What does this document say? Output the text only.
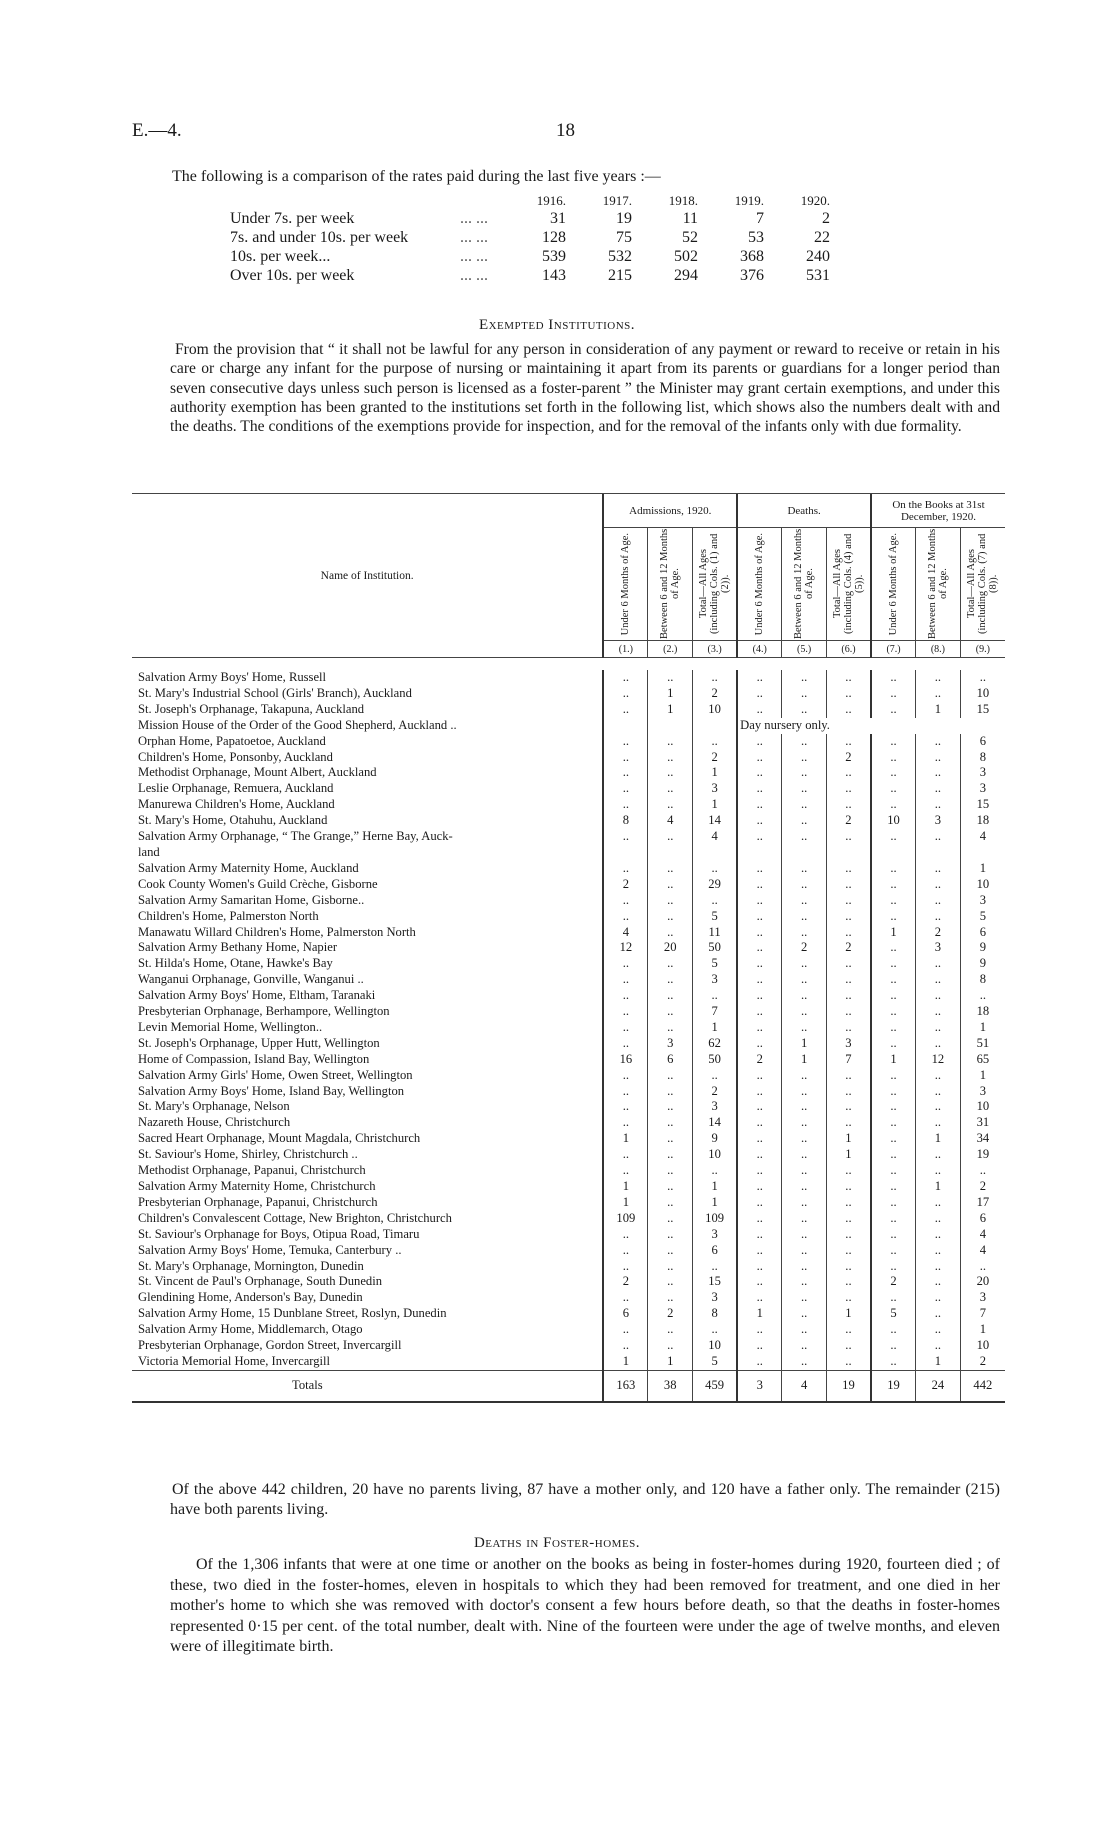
E.—4.	18
The following is a comparison of the rates paid during the last five years :—
		1916.	1917.	1918.	1919.	1920.
Under 7s. per week	... ...	31	19	11	7	2
7s. and under 10s. per week	... ...	128	75	52	53	22
10s. per week...	... ...	539	532	502	368	240
Over 10s. per week	... ...	143	215	294	376	531
Exempted Institutions.
From the provision that “ it shall not be lawful for any person in consideration of any payment or reward to receive or retain in his care or charge any infant for the purpose of nursing or maintaining it apart from its parents or guardians for a longer period than seven consecutive days unless such person is licensed as a foster-parent ” the Minister may grant certain exemptions, and under this authority exemption has been granted to the institutions set forth in the following list, which shows also the numbers dealt with and the deaths. The conditions of the exemptions provide for inspection, and for the removal of the infants only with due formality.
Name of Institution.	Admissions, 1920.			Deaths.			On the Books at 31st December, 1920.		

	Under 6 Months of Age.	Between 6 and 12 Months of Age.	Total—All Ages (including Cols. (1) and (2)).	Under 6 Months of Age.	Between 6 and 12 Months of Age.	Total—All Ages (including Cols. (4) and (5)).	Under 6 Months of Age.	Between 6 and 12 Months of Age.	Total—All Ages (including Cols. (7) and (8)).

	(1.)	(2.)	(3.)	(4.)	(5.)	(6.)	(7.)	(8.)	(9.)

Salvation Army Boys' Home, Russell	..	..	..	..	..	..	..	..	..
St. Mary's Industrial School (Girls' Branch), Auckland	..	1	2	..	..	..	..	..	10
St. Joseph's Orphanage, Takapuna, Auckland	..	1	10	..	..	..	..	1	15
Mission House of the Order of the Good Shepherd, Auckland ..				Day nursery only.					
Orphan Home, Papatoetoe, Auckland	..	..	..	..	..	..	..	..	6
Children's Home, Ponsonby, Auckland	..	..	2	..	..	2	..	..	8
Methodist Orphanage, Mount Albert, Auckland	..	..	1	..	..	..	..	..	3
Leslie Orphanage, Remuera, Auckland	..	..	3	..	..	..	..	..	3
Manurewa Children's Home, Auckland	..	..	1	..	..	..	..	..	15
St. Mary's Home, Otahuhu, Auckland	8	4	14	..	..	2	10	3	18
Salvation Army Orphanage, “ The Grange,” Herne Bay, Auck-	..	..	4	..	..	..	..	..	4
land									
Salvation Army Maternity Home, Auckland	..	..	..	..	..	..	..	..	1
Cook County Women's Guild Crèche, Gisborne	2	..	29	..	..	..	..	..	10
Salvation Army Samaritan Home, Gisborne..	..	..	..	..	..	..	..	..	3
Children's Home, Palmerston North	..	..	5	..	..	..	..	..	5
Manawatu Willard Children's Home, Palmerston North	4	..	11	..	..	..	1	2	6
Salvation Army Bethany Home, Napier	12	20	50	..	2	2	..	3	9
St. Hilda's Home, Otane, Hawke's Bay	..	..	5	..	..	..	..	..	9
Wanganui Orphanage, Gonville, Wanganui ..	..	..	3	..	..	..	..	..	8
Salvation Army Boys' Home, Eltham, Taranaki	..	..	..	..	..	..	..	..	..
Presbyterian Orphanage, Berhampore, Wellington	..	..	7	..	..	..	..	..	18
Levin Memorial Home, Wellington..	..	..	1	..	..	..	..	..	1
St. Joseph's Orphanage, Upper Hutt, Wellington	..	3	62	..	1	3	..	..	51
Home of Compassion, Island Bay, Wellington	16	6	50	2	1	7	1	12	65
Salvation Army Girls' Home, Owen Street, Wellington	..	..	..	..	..	..	..	..	1
Salvation Army Boys' Home, Island Bay, Wellington	..	..	2	..	..	..	..	..	3
St. Mary's Orphanage, Nelson	..	..	3	..	..	..	..	..	10
Nazareth House, Christchurch	..	..	14	..	..	..	..	..	31
Sacred Heart Orphanage, Mount Magdala, Christchurch	1	..	9	..	..	1	..	1	34
St. Saviour's Home, Shirley, Christchurch ..	..	..	10	..	..	1	..	..	19
Methodist Orphanage, Papanui, Christchurch	..	..	..	..	..	..	..	..	..
Salvation Army Maternity Home, Christchurch	1	..	1	..	..	..	..	1	2
Presbyterian Orphanage, Papanui, Christchurch	1	..	1	..	..	..	..	..	17
Children's Convalescent Cottage, New Brighton, Christchurch	109	..	109	..	..	..	..	..	6
St. Saviour's Orphanage for Boys, Otipua Road, Timaru	..	..	3	..	..	..	..	..	4
Salvation Army Boys' Home, Temuka, Canterbury ..	..	..	6	..	..	..	..	..	4
St. Mary's Orphanage, Mornington, Dunedin	..	..	..	..	..	..	..	..	..
St. Vincent de Paul's Orphanage, South Dunedin	2	..	15	..	..	..	2	..	20
Glendining Home, Anderson's Bay, Dunedin	..	..	3	..	..	..	..	..	3
Salvation Army Home, 15 Dunblane Street, Roslyn, Dunedin	6	2	8	1	..	1	5	..	7
Salvation Army Home, Middlemarch, Otago	..	..	..	..	..	..	..	..	1
Presbyterian Orphanage, Gordon Street, Invercargill	..	..	10	..	..	..	..	..	10
Victoria Memorial Home, Invercargill	1	1	5	..	..	..	..	1	2
Totals	163	38	459	3	4	19	19	24	442
Of the above 442 children, 20 have no parents living, 87 have a mother only, and 120 have a father only. The remainder (215) have both parents living.
Deaths in Foster-homes.
Of the 1,306 infants that were at one time or another on the books as being in foster-homes during 1920, fourteen died ; of these, two died in the foster-homes, eleven in hospitals to which they had been removed for treatment, and one died in her mother's home to which she was removed with doctor's consent a few hours before death, so that the deaths in foster-homes represented 0·15 per cent. of the total number, dealt with. Nine of the fourteen were under the age of twelve months, and eleven were of illegitimate birth.
